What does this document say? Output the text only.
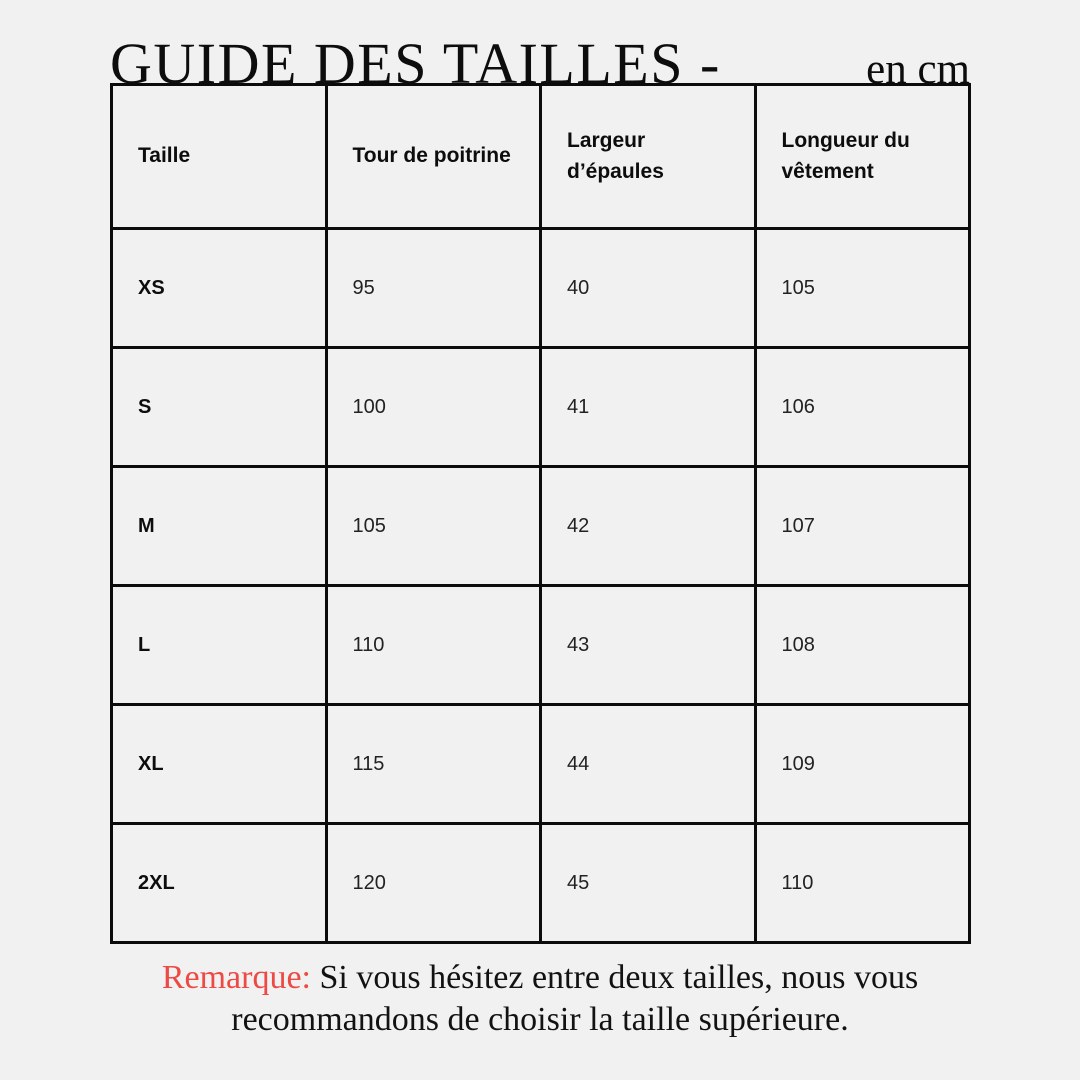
GUIDE DES TAILLES -	en cm
Taille	Tour de poitrine	Largeur d’épaules	Longueur du vêtement
XS	95	40	105
S	100	41	106
M	105	42	107
L	110	43	108
XL	115	44	109
2XL	120	45	110
Remarque: Si vous hésitez entre deux tailles, nous vous
recommandons de choisir la taille supérieure.
